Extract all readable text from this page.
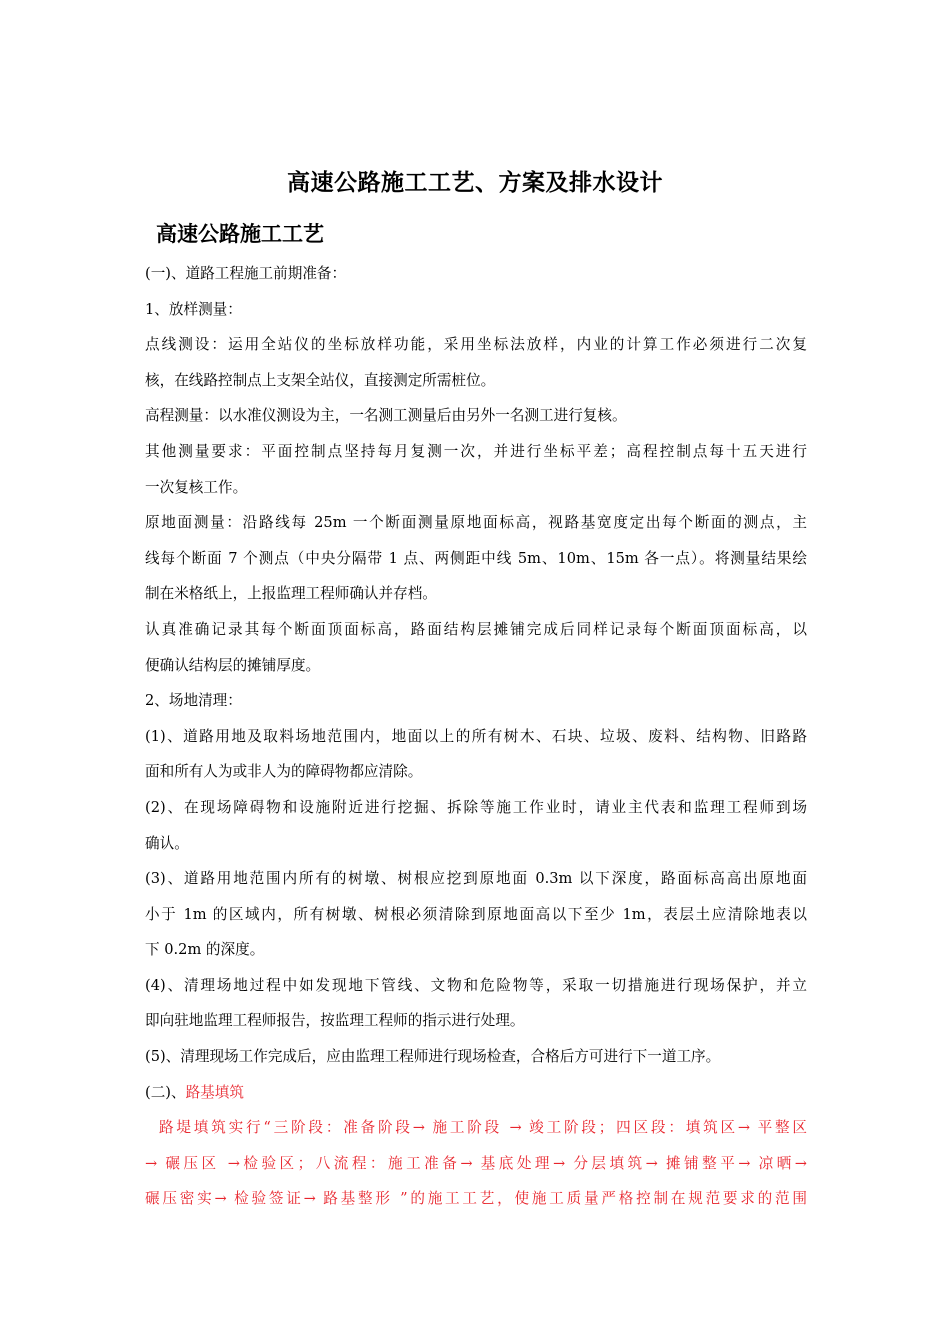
高速公路施工工艺、方案及排水设计
高速公路施工工艺

(一)、道路工程施工前期准备：

1、放样测量：

点线测设：运用全站仪的坐标放样功能，采用坐标法放样，内业的计算工作必须进行二次复

核，在线路控制点上支架全站仪，直接测定所需桩位。

高程测量：以水准仪测设为主，一名测工测量后由另外一名测工进行复核。

其他测量要求：平面控制点坚持每月复测一次，并进行坐标平差；高程控制点每十五天进行

一次复核工作。

原地面测量：沿路线每 25m 一个断面测量原地面标高，视路基宽度定出每个断面的测点，主

线每个断面 7 个测点（中央分隔带 1 点、两侧距中线 5m、10m、15m 各一点）。将测量结果绘

制在米格纸上，上报监理工程师确认并存档。

认真准确记录其每个断面顶面标高，路面结构层摊铺完成后同样记录每个断面顶面标高，以

便确认结构层的摊铺厚度。

2、场地清理：

(1)、道路用地及取料场地范围内，地面以上的所有树木、石块、垃圾、废料、结构物、旧路路

面和所有人为或非人为的障碍物都应清除。

(2)、在现场障碍物和设施附近进行挖掘、拆除等施工作业时，请业主代表和监理工程师到场

确认。

(3)、道路用地范围内所有的树墩、树根应挖到原地面 0.3m 以下深度，路面标高高出原地面

小于 1m 的区域内，所有树墩、树根必须清除到原地面高以下至少 1m，表层土应清除地表以

下 0.2m 的深度。

(4)、清理场地过程中如发现地下管线、文物和危险物等，采取一切措施进行现场保护，并立

即向驻地监理工程师报告，按监理工程师的指示进行处理。

(5)、清理现场工作完成后，应由监理工程师进行现场检查，合格后方可进行下一道工序。

(二)、路基填筑

路堤填筑实行“三阶段：准备阶段→ 施工阶段 → 竣工阶段；四区段：填筑区→ 平整区

→ 碾压区 →检验区；八流程：施工准备→ 基底处理→ 分层填筑→ 摊铺整平→ 凉晒→

碾压密实→ 检验签证→ 路基整形 ”的施工工艺，使施工质量严格控制在规范要求的范围
